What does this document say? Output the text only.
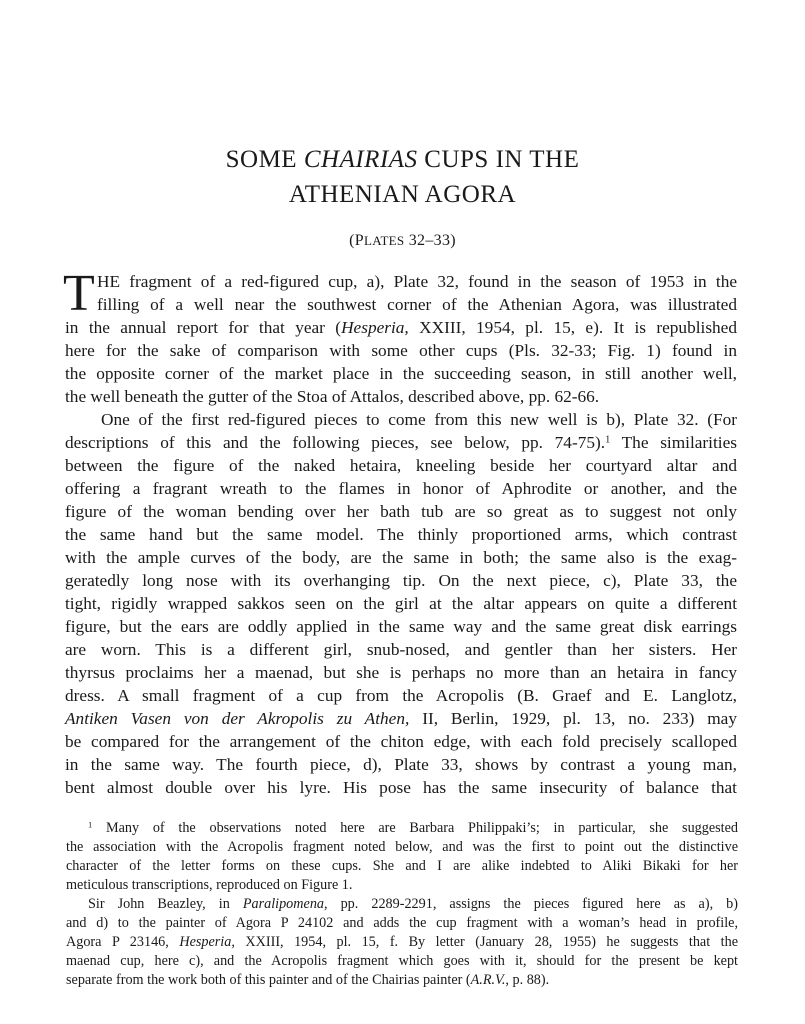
SOME CHAIRIAS CUPS IN THE
ATHENIAN AGORA
(PLATES 32–33)
T HE fragment of a red-figured cup, a), Plate 32, found in the season of 1953 in the
filling of a well near the southwest corner of the Athenian Agora, was illustrated
in the annual report for that year (Hesperia, XXIII, 1954, pl. 15, e). It is republished
here for the sake of comparison with some other cups (Pls. 32-33; Fig. 1) found in
the opposite corner of the market place in the succeeding season, in still another well,
the well beneath the gutter of the Stoa of Attalos, described above, pp. 62-66.
One of the first red-figured pieces to come from this new well is b), Plate 32. (For
descriptions of this and the following pieces, see below, pp. 74-75).$^1$ The similarities
between the figure of the naked hetaira, kneeling beside her courtyard altar and
offering a fragrant wreath to the flames in honor of Aphrodite or another, and the
figure of the woman bending over her bath tub are so great as to suggest not only
the same hand but the same model. The thinly proportioned arms, which contrast
with the ample curves of the body, are the same in both; the same also is the exag-
geratedly long nose with its overhanging tip. On the next piece, c), Plate 33, the
tight, rigidly wrapped sakkos seen on the girl at the altar appears on quite a different
figure, but the ears are oddly applied in the same way and the same great disk earrings
are worn. This is a different girl, snub-nosed, and gentler than her sisters. Her
thyrsus proclaims her a maenad, but she is perhaps no more than an hetaira in fancy
dress. A small fragment of a cup from the Acropolis (B. Graef and E. Langlotz,
Antiken Vasen von der Akropolis zu Athen, II, Berlin, 1929, pl. 13, no. 233) may
be compared for the arrangement of the chiton edge, with each fold precisely scalloped
in the same way. The fourth piece, d), Plate 33, shows by contrast a young man,
bent almost double over his lyre. His pose has the same insecurity of balance that
$^1$ Many of the observations noted here are Barbara Philippaki’s; in particular, she suggested
the association with the Acropolis fragment noted below, and was the first to point out the distinctive
character of the letter forms on these cups. She and I are alike indebted to Aliki Bikaki for her
meticulous transcriptions, reproduced on Figure 1.
Sir John Beazley, in Paralipomena, pp. 2289-2291, assigns the pieces figured here as a), b)
and d) to the painter of Agora P 24102 and adds the cup fragment with a woman’s head in profile,
Agora P 23146, Hesperia, XXIII, 1954, pl. 15, f. By letter (January 28, 1955) he suggests that the
maenad cup, here c), and the Acropolis fragment which goes with it, should for the present be kept
separate from the work both of this painter and of the Chairias painter (A.R.V., p. 88).
